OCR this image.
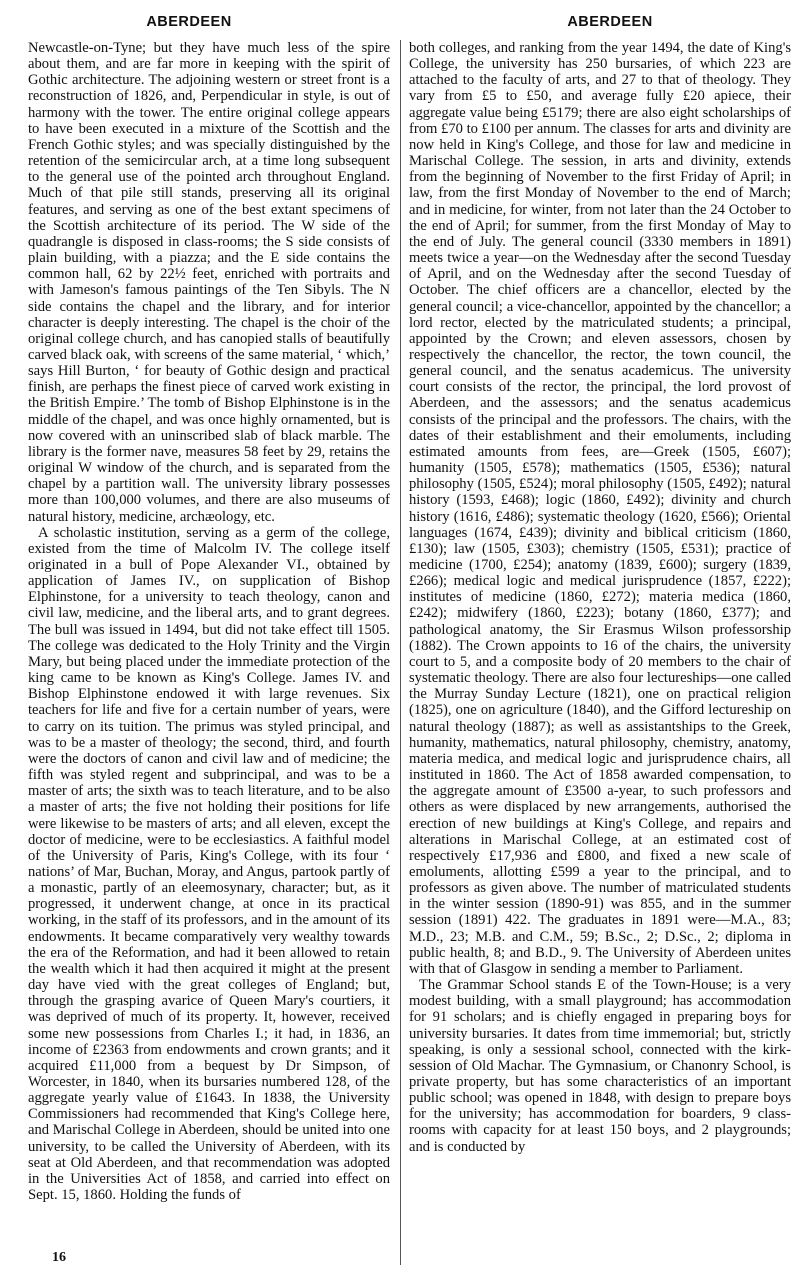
ABERDEEN

Newcastle-on-Tyne; but they have much less of the spire about them, and are far more in keeping with the spirit of Gothic architecture. The adjoining western or street front is a reconstruction of 1826, and, Perpendicular in style, is out of harmony with the tower. The entire original college appears to have been executed in a mixture of the Scottish and the French Gothic styles; and was specially distinguished by the retention of the semicircular arch, at a time long subsequent to the general use of the pointed arch throughout England. Much of that pile still stands, preserving all its original features, and serving as one of the best extant specimens of the Scottish architecture of its period. The W side of the quadrangle is disposed in class-rooms; the S side consists of plain building, with a piazza; and the E side contains the common hall, 62 by 22½ feet, enriched with portraits and with Jameson's famous paintings of the Ten Sibyls. The N side contains the chapel and the library, and for interior character is deeply interesting. The chapel is the choir of the original college church, and has canopied stalls of beautifully carved black oak, with screens of the same material, ‘ which,’ says Hill Burton, ‘ for beauty of Gothic design and practical finish, are perhaps the finest piece of carved work existing in the British Empire.’ The tomb of Bishop Elphinstone is in the middle of the chapel, and was once highly ornamented, but is now covered with an uninscribed slab of black marble. The library is the former nave, measures 58 feet by 29, retains the original W window of the church, and is separated from the chapel by a partition wall. The university library possesses more than 100,000 volumes, and there are also museums of natural history, medicine, archæology, etc.

A scholastic institution, serving as a germ of the college, existed from the time of Malcolm IV. The college itself originated in a bull of Pope Alexander VI., obtained by application of James IV., on supplication of Bishop Elphinstone, for a university to teach theology, canon and civil law, medicine, and the liberal arts, and to grant degrees. The bull was issued in 1494, but did not take effect till 1505. The college was dedicated to the Holy Trinity and the Virgin Mary, but being placed under the immediate protection of the king came to be known as King's College. James IV. and Bishop Elphinstone endowed it with large revenues. Six teachers for life and five for a certain number of years, were to carry on its tuition. The primus was styled principal, and was to be a master of theology; the second, third, and fourth were the doctors of canon and civil law and of medicine; the fifth was styled regent and subprincipal, and was to be a master of arts; the sixth was to teach literature, and to be also a master of arts; the five not holding their positions for life were likewise to be masters of arts; and all eleven, except the doctor of medicine, were to be ecclesiastics. A faithful model of the University of Paris, King's College, with its four ‘ nations’ of Mar, Buchan, Moray, and Angus, partook partly of a monastic, partly of an eleemosynary, character; but, as it progressed, it underwent change, at once in its practical working, in the staff of its professors, and in the amount of its endowments. It became comparatively very wealthy towards the era of the Reformation, and had it been allowed to retain the wealth which it had then acquired it might at the present day have vied with the great colleges of England; but, through the grasping avarice of Queen Mary's courtiers, it was deprived of much of its property. It, however, received some new possessions from Charles I.; it had, in 1836, an income of £2363 from endowments and crown grants; and it acquired £11,000 from a bequest by Dr Simpson, of Worcester, in 1840, when its bursaries numbered 128, of the aggregate yearly value of £1643. In 1838, the University Commissioners had recommended that King's College here, and Marischal College in Aberdeen, should be united into one university, to be called the University of Aberdeen, with its seat at Old Aberdeen, and that recommendation was adopted in the Universities Act of 1858, and carried into effect on Sept. 15, 1860. Holding the funds of

ABERDEEN

both colleges, and ranking from the year 1494, the date of King's College, the university has 250 bursaries, of which 223 are attached to the faculty of arts, and 27 to that of theology. They vary from £5 to £50, and average fully £20 apiece, their aggregate value being £5179; there are also eight scholarships of from £70 to £100 per annum. The classes for arts and divinity are now held in King's College, and those for law and medicine in Marischal College. The session, in arts and divinity, extends from the beginning of November to the first Friday of April; in law, from the first Monday of November to the end of March; and in medicine, for winter, from not later than the 24 October to the end of April; for summer, from the first Monday of May to the end of July. The general council (3330 members in 1891) meets twice a year—on the Wednesday after the second Tuesday of April, and on the Wednesday after the second Tuesday of October. The chief officers are a chancellor, elected by the general council; a vice-chancellor, appointed by the chancellor; a lord rector, elected by the matriculated students; a principal, appointed by the Crown; and eleven assessors, chosen by respectively the chancellor, the rector, the town council, the general council, and the senatus academicus. The university court consists of the rector, the principal, the lord provost of Aberdeen, and the assessors; and the senatus academicus consists of the principal and the professors. The chairs, with the dates of their establishment and their emoluments, including estimated amounts from fees, are—Greek (1505, £607); humanity (1505, £578); mathematics (1505, £536); natural philosophy (1505, £524); moral philosophy (1505, £492); natural history (1593, £468); logic (1860, £492); divinity and church history (1616, £486); systematic theology (1620, £566); Oriental languages (1674, £439); divinity and biblical criticism (1860, £130); law (1505, £303); chemistry (1505, £531); practice of medicine (1700, £254); anatomy (1839, £600); surgery (1839, £266); medical logic and medical jurisprudence (1857, £222); institutes of medicine (1860, £272); materia medica (1860, £242); midwifery (1860, £223); botany (1860, £377); and pathological anatomy, the Sir Erasmus Wilson professorship (1882). The Crown appoints to 16 of the chairs, the university court to 5, and a composite body of 20 members to the chair of systematic theology. There are also four lectureships—one called the Murray Sunday Lecture (1821), one on practical religion (1825), one on agriculture (1840), and the Gifford lectureship on natural theology (1887); as well as assistantships to the Greek, humanity, mathematics, natural philosophy, chemistry, anatomy, materia medica, and medical logic and jurisprudence chairs, all instituted in 1860. The Act of 1858 awarded compensation, to the aggregate amount of £3500 a-year, to such professors and others as were displaced by new arrangements, authorised the erection of new buildings at King's College, and repairs and alterations in Marischal College, at an estimated cost of respectively £17,936 and £800, and fixed a new scale of emoluments, allotting £599 a year to the principal, and to professors as given above. The number of matriculated students in the winter session (1890-91) was 855, and in the summer session (1891) 422. The graduates in 1891 were—M.A., 83; M.D., 23; M.B. and C.M., 59; B.Sc., 2; D.Sc., 2; diploma in public health, 8; and B.D., 9. The University of Aberdeen unites with that of Glasgow in sending a member to Parliament.

The Grammar School stands E of the Town-House; is a very modest building, with a small playground; has accommodation for 91 scholars; and is chiefly engaged in preparing boys for university bursaries. It dates from time immemorial; but, strictly speaking, is only a sessional school, connected with the kirk-session of Old Machar. The Gymnasium, or Chanonry School, is private property, but has some characteristics of an important public school; was opened in 1848, with design to prepare boys for the university; has accommodation for boarders, 9 class-rooms with capacity for at least 150 boys, and 2 playgrounds; and is conducted by

16
